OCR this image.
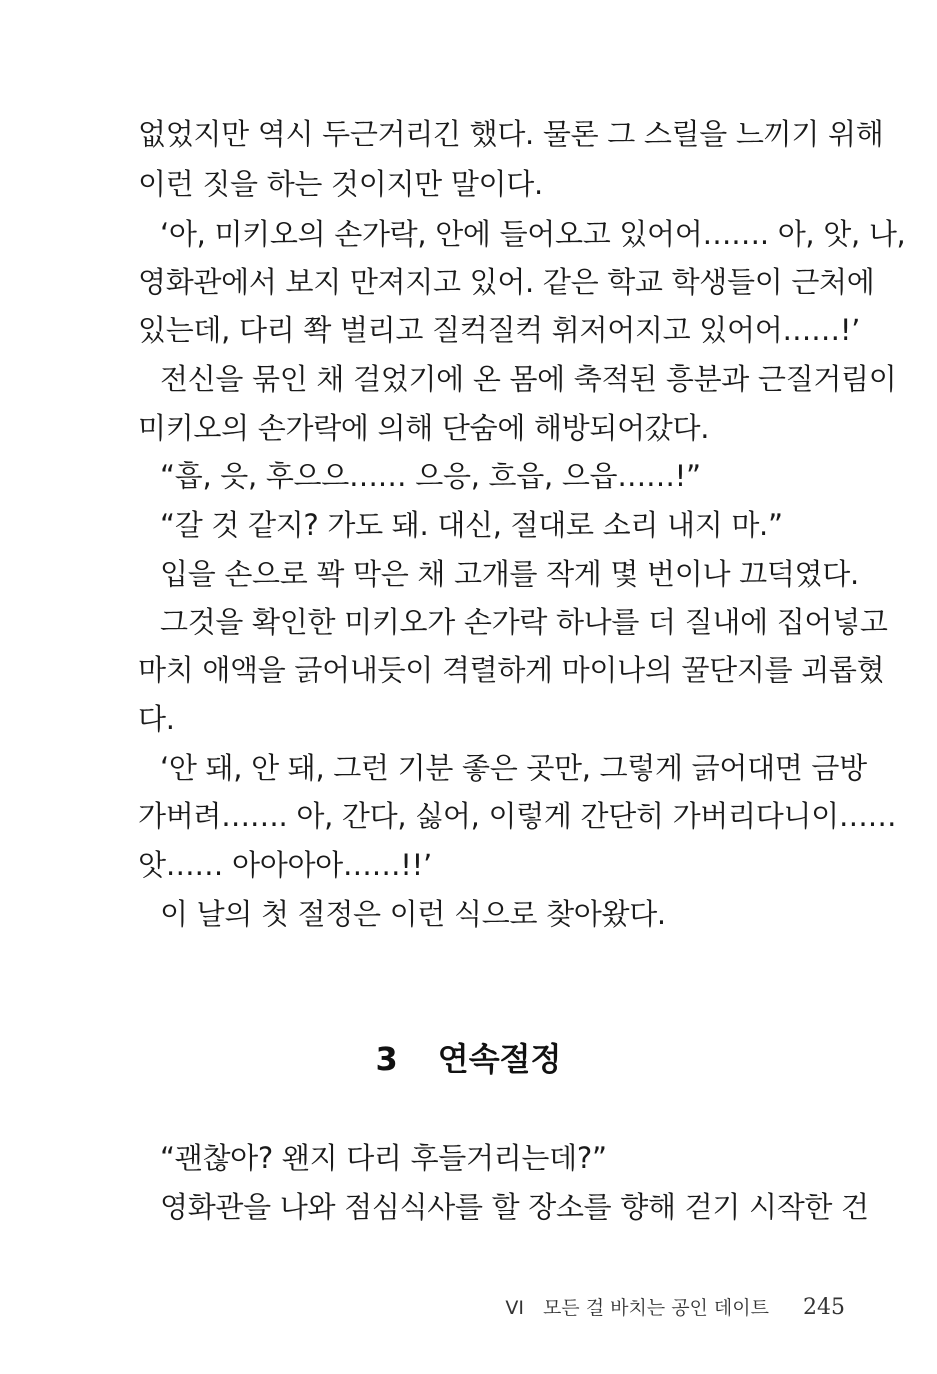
없었지만 역시 두근거리긴 했다. 물론 그 스릴을 느끼기 위해
이런 짓을 하는 것이지만 말이다.
‘아, 미키오의 손가락, 안에 들어오고 있어어……. 아, 앗, 나,
영화관에서 보지 만져지고 있어. 같은 학교 학생들이 근처에
있는데, 다리 쫙 벌리고 질컥질컥 휘저어지고 있어어……!’
전신을 묶인 채 걸었기에 온 몸에 축적된 흥분과 근질거림이
미키오의 손가락에 의해 단숨에 해방되어갔다.
“흡, 읏, 후으으…… 으응, 흐읍, 으읍……!”
“갈 것 같지? 가도 돼. 대신, 절대로 소리 내지 마.”
입을 손으로 꽉 막은 채 고개를 작게 몇 번이나 끄덕였다.
그것을 확인한 미키오가 손가락 하나를 더 질내에 집어넣고
마치 애액을 긁어내듯이 격렬하게 마이나의 꿀단지를 괴롭혔
다.
‘안 돼, 안 돼, 그런 기분 좋은 곳만, 그렇게 긁어대면 금방
가버려……. 아, 간다, 싫어, 이렇게 간단히 가버리다니이……
앗…… 아아아아……!!’
이 날의 첫 절정은 이런 식으로 찾아왔다.
3 연속절정
“괜찮아? 왠지 다리 후들거리는데?”
영화관을 나와 점심식사를 할 장소를 향해 걷기 시작한 건
VI　모든 걸 바치는 공인 데이트 245
